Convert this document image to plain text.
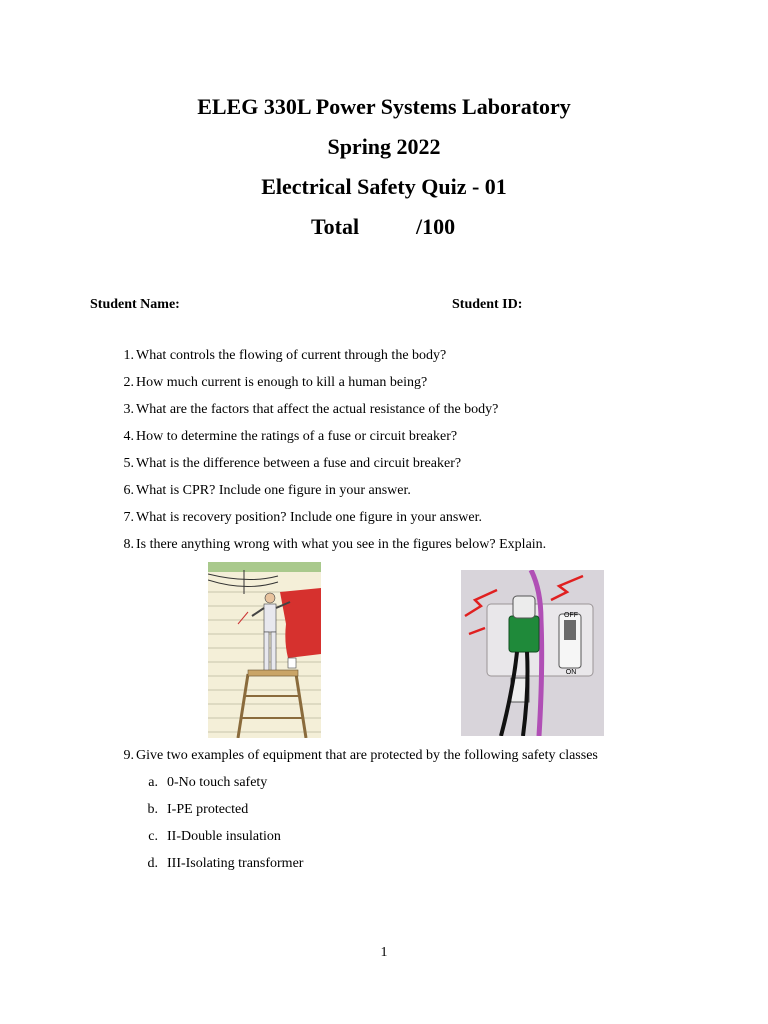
ELEG 330L Power Systems Laboratory
Spring 2022
Electrical Safety Quiz - 01
Total	/100
Student Name:	Student ID:
1. What controls the flowing of current through the body?
2. How much current is enough to kill a human being?
3. What are the factors that affect the actual resistance of the body?
4. How to determine the ratings of a fuse or circuit breaker?
5. What is the difference between a fuse and circuit breaker?
6. What is CPR? Include one figure in your answer.
7. What is recovery position? Include one figure in your answer.
8. Is there anything wrong with what you see in the figures below? Explain.
OFF
ON
9. Give two examples of equipment that are protected by the following safety classes
a. 0-No touch safety
b. I-PE protected
c. II-Double insulation
d. III-Isolating transformer
1
